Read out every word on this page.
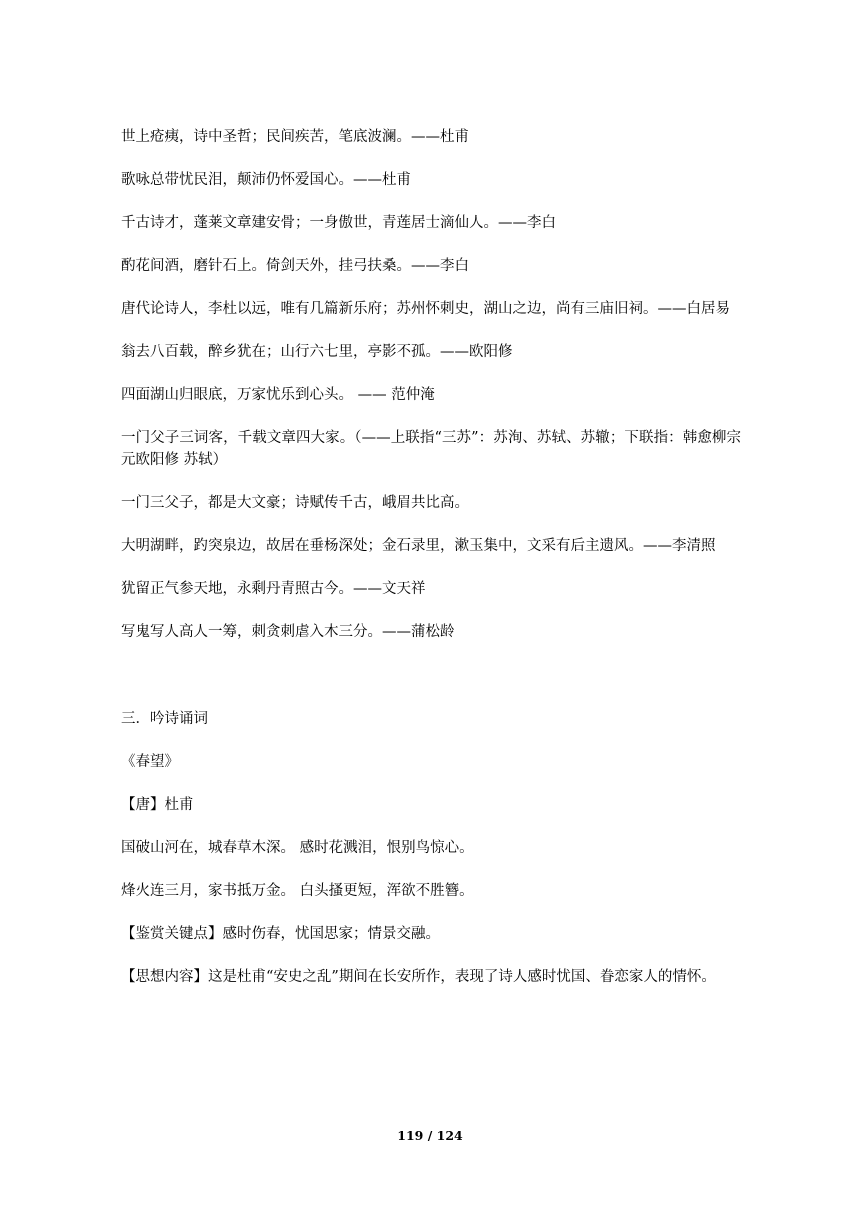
世上疮痍，诗中圣哲；民间疾苦，笔底波澜。——杜甫

歌咏总带忧民泪，颠沛仍怀爱国心。——杜甫

千古诗才，蓬莱文章建安骨；一身傲世，青莲居士滴仙人。——李白

酌花间酒，磨针石上。倚剑天外，挂弓扶桑。——李白

唐代论诗人，李杜以远，唯有几篇新乐府；苏州怀刺史，湖山之边，尚有三庙旧祠。——白居易

翁去八百载，醉乡犹在；山行六七里，亭影不孤。——欧阳修

四面湖山归眼底，万家忧乐到心头。 —— 范仲淹

一门父子三词客，千载文章四大家。（——上联指“三苏”：苏洵、苏轼、苏辙；下联指：韩愈柳宗元欧阳修 苏轼）

一门三父子，都是大文豪；诗赋传千古，峨眉共比高。

大明湖畔，趵突泉边，故居在垂杨深处；金石录里，漱玉集中，文采有后主遗风。——李清照

犹留正气参天地，永剩丹青照古今。——文天祥

写鬼写人高人一筹，刺贪刺虐入木三分。——蒲松龄

三．吟诗诵词

《春望》

【唐】杜甫

国破山河在，城春草木深。 感时花溅泪，恨别鸟惊心。

烽火连三月，家书抵万金。 白头搔更短，浑欲不胜簪。

【鉴赏关键点】感时伤春，忧国思家；情景交融。

【思想内容】这是杜甫“安史之乱”期间在长安所作，表现了诗人感时忧国、眷恋家人的情怀。

119 / 124
